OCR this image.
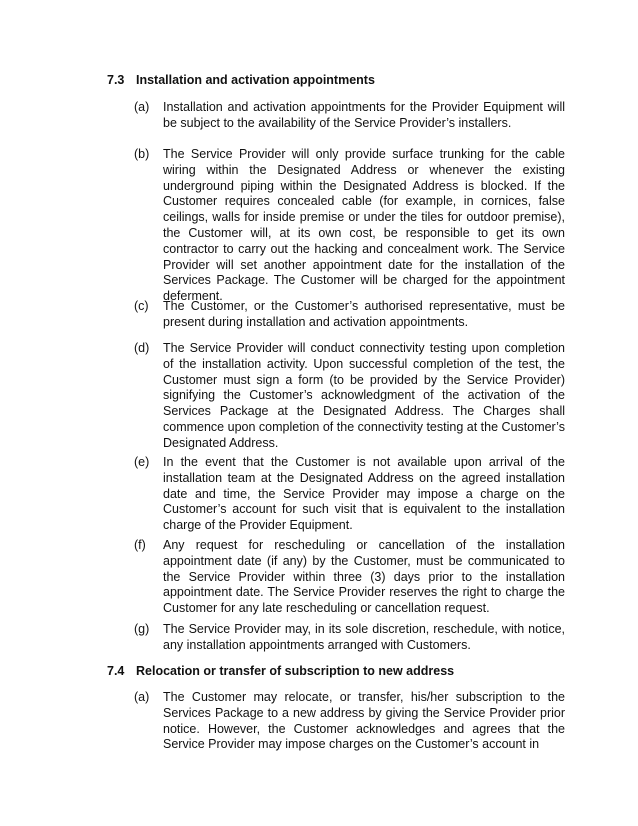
7.3 Installation and activation appointments
(a) Installation and activation appointments for the Provider Equipment will be subject to the availability of the Service Provider’s installers.
(b) The Service Provider will only provide surface trunking for the cable wiring within the Designated Address or whenever the existing underground piping within the Designated Address is blocked. If the Customer requires concealed cable (for example, in cornices, false ceilings, walls for inside premise or under the tiles for outdoor premise), the Customer will, at its own cost, be responsible to get its own contractor to carry out the hacking and concealment work. The Service Provider will set another appointment date for the installation of the Services Package. The Customer will be charged for the appointment deferment.
(c) The Customer, or the Customer’s authorised representative, must be present during installation and activation appointments.
(d) The Service Provider will conduct connectivity testing upon completion of the installation activity. Upon successful completion of the test, the Customer must sign a form (to be provided by the Service Provider) signifying the Customer’s acknowledgment of the activation of the Services Package at the Designated Address. The Charges shall commence upon completion of the connectivity testing at the Customer’s Designated Address.
(e) In the event that the Customer is not available upon arrival of the installation team at the Designated Address on the agreed installation date and time, the Service Provider may impose a charge on the Customer’s account for such visit that is equivalent to the installation charge of the Provider Equipment.
(f) Any request for rescheduling or cancellation of the installation appointment date (if any) by the Customer, must be communicated to the Service Provider within three (3) days prior to the installation appointment date. The Service Provider reserves the right to charge the Customer for any late rescheduling or cancellation request.
(g) The Service Provider may, in its sole discretion, reschedule, with notice, any installation appointments arranged with Customers.
7.4 Relocation or transfer of subscription to new address
(a) The Customer may relocate, or transfer, his/her subscription to the Services Package to a new address by giving the Service Provider prior notice. However, the Customer acknowledges and agrees that the Service Provider may impose charges on the Customer’s account in
